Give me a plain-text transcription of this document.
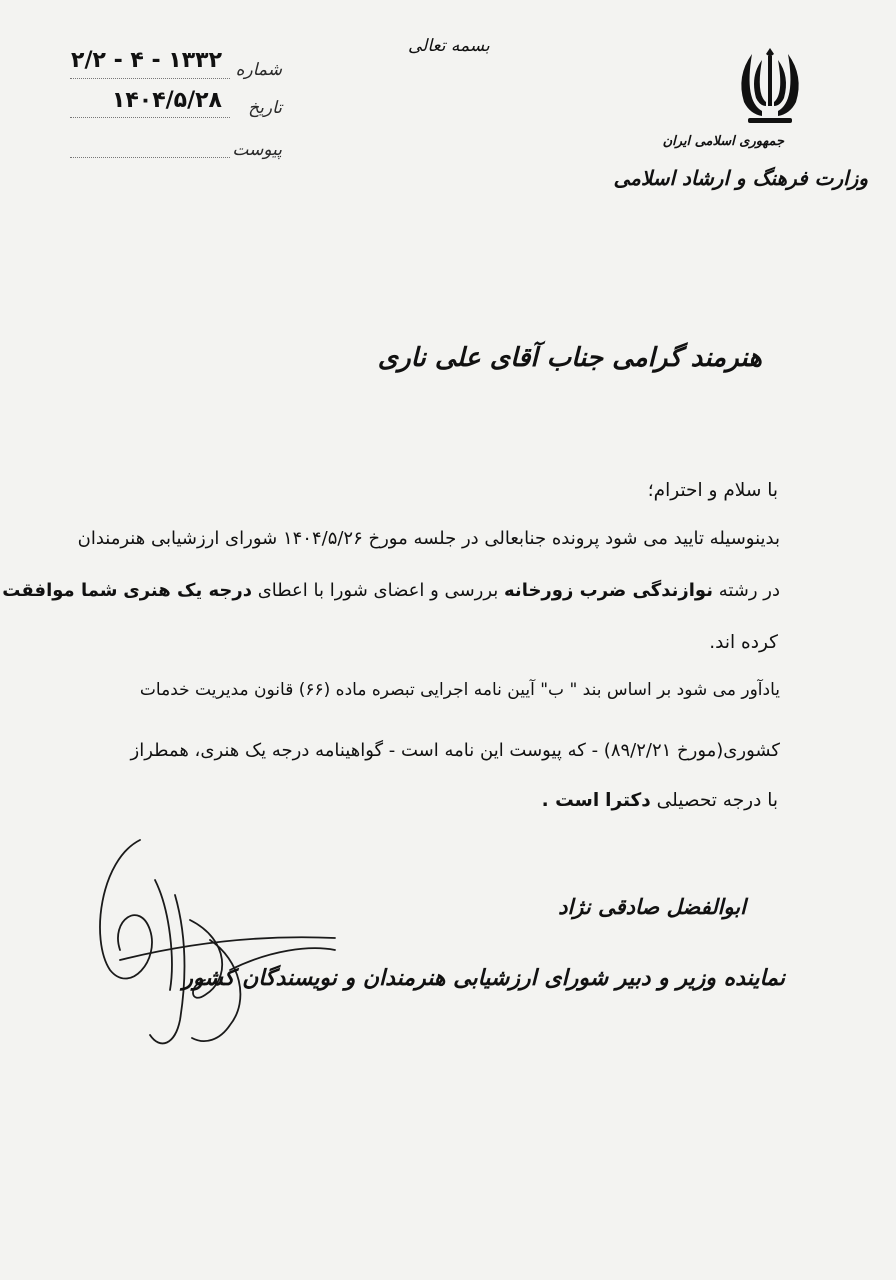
جمهوری اسلامی ایران
وزارت فرهنگ و ارشاد اسلامی
بسمه تعالی
شماره
۱۳۳۲ - ۴ - ۲/۲
تاریخ
۱۴۰۴/۵/۲۸
پیوست
هنرمند گرامی جناب آقای علی ناری
با سلام و احترام؛
بدینوسیله تایید می شود پرونده جنابعالی در جلسه مورخ ۱۴۰۴/۵/۲۶ شورای ارزشیابی هنرمندان
در رشته نوازندگی ضرب زورخانه بررسی و اعضای شورا با اعطای درجه یک هنری شما موافقت
کرده اند.
یادآور می شود بر اساس بند " ب" آیین نامه اجرایی تبصره ماده (۶۶) قانون مدیریت خدمات
کشوری(مورخ ۸۹/۲/۲۱) - که پیوست این نامه است - گواهینامه درجه یک هنری، همطراز
با درجه تحصیلی دکترا است .
ابوالفضل صادقی نژاد
نماینده وزیر و دبیر شورای ارزشیابی هنرمندان و نویسندگان کشور
